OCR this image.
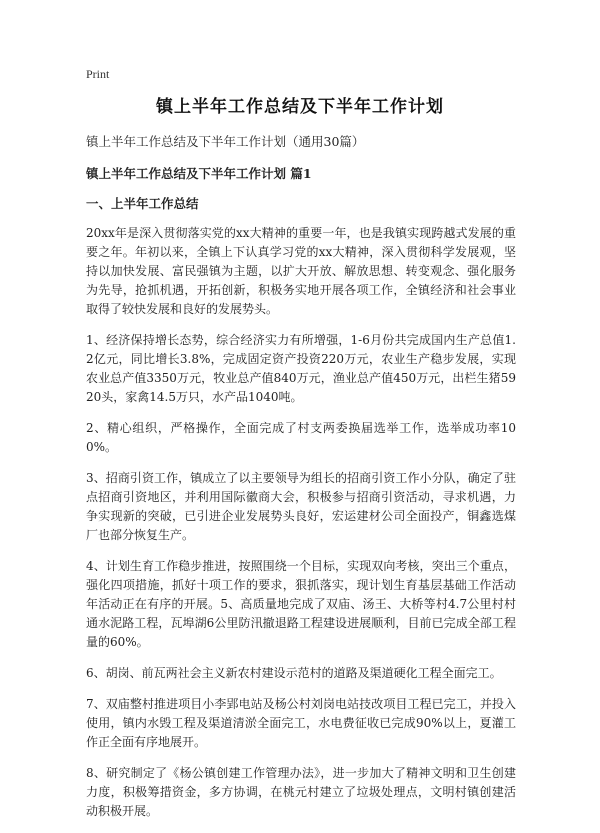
Print
镇上半年工作总结及下半年工作计划
镇上半年工作总结及下半年工作计划（通用30篇）
镇上半年工作总结及下半年工作计划 篇1
一、上半年工作总结

20xx年是深入贯彻落实党的xx大精神的重要一年，也是我镇实现跨越式发展的重要之年。年初以来，全镇上下认真学习党的xx大精神，深入贯彻科学发展观，坚持以加快发展、富民强镇为主题，以扩大开放、解放思想、转变观念、强化服务为先导，抢抓机遇，开拓创新，积极务实地开展各项工作，全镇经济和社会事业取得了较快发展和良好的发展势头。

1、经济保持增长态势，综合经济实力有所增强，1-6月份共完成国内生产总值1.2亿元，同比增长3.8%，完成固定资产投资220万元，农业生产稳步发展，实现农业总产值3350万元，牧业总产值840万元，渔业总产值450万元，出栏生猪5920头，家禽14.5万只，水产品1040吨。

2、精心组织，严格操作，全面完成了村支两委换届选举工作，选举成功率100%。

3、招商引资工作，镇成立了以主要领导为组长的招商引资工作小分队，确定了驻点招商引资地区，并利用国际徽商大会，积极参与招商引资活动，寻求机遇，力争实现新的突破，已引进企业发展势头良好，宏运建材公司全面投产，铜鑫选煤厂也部分恢复生产。

4、计划生育工作稳步推进，按照围绕一个目标，实现双向考核，突出三个重点，强化四项措施，抓好十项工作的要求，狠抓落实，现计划生育基层基础工作活动年活动正在有序的开展。5、高质量地完成了双庙、汤王、大桥等村4.7公里村村通水泥路工程，瓦埠湖6公里防汛撤退路工程建设进展顺利，目前已完成全部工程量的60%。

6、胡岗、前瓦两社会主义新农村建设示范村的道路及渠道硬化工程全面完工。

7、双庙整村推进项目小李郢电站及杨公村刘岗电站技改项目工程已完工，并投入使用，镇内水毁工程及渠道清淤全面完工，水电费征收已完成90%以上，夏灌工作正全面有序地展开。

8、研究制定了《杨公镇创建工作管理办法》，进一步加大了精神文明和卫生创建力度，积极筹措资金，多方协调，在桃元村建立了垃圾处理点，文明村镇创建活动积极开展。
